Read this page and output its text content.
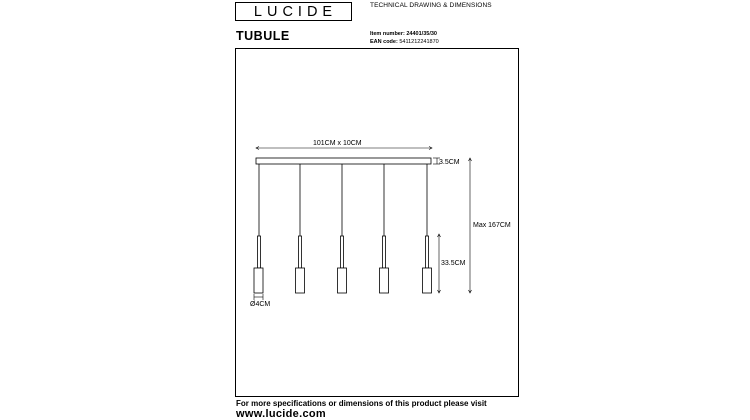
LUCIDE	TECHNICAL DRAWING & DIMENSIONS
TUBULE	Item number: 24401/35/30
EAN code: 5411212241870
101CM x 10CM
3.5CM
Max 167CM
33.5CM
Ø4CM
For more specifications or dimensions of this product please visit
www.lucide.com
